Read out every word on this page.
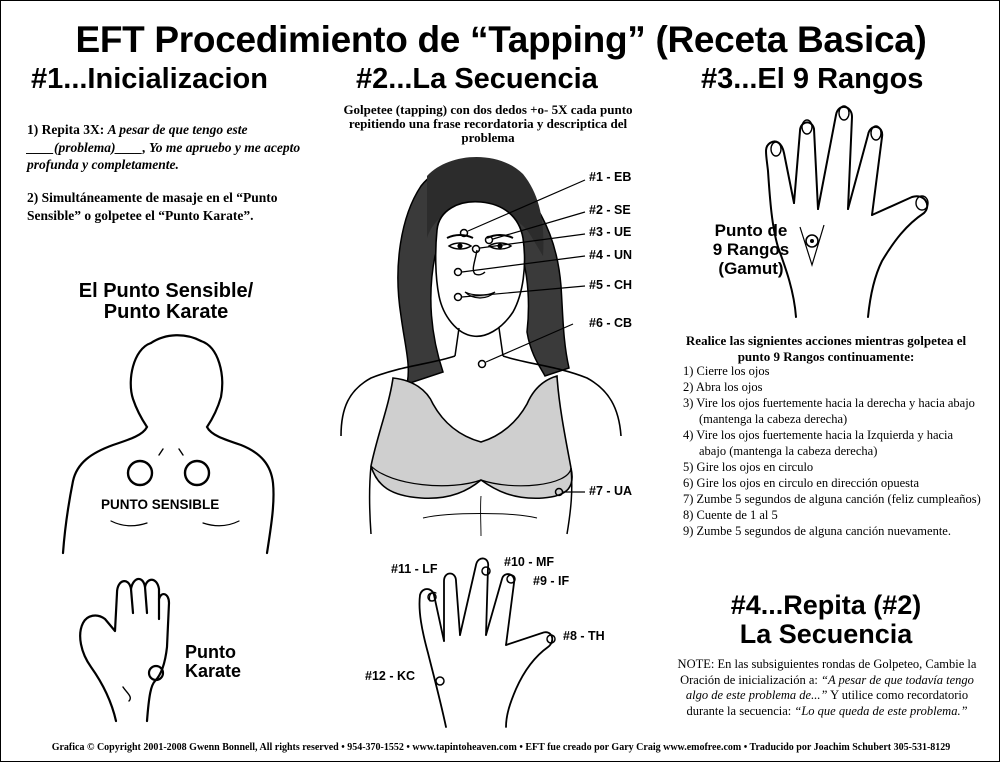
EFT Procedimiento de “Tapping” (Receta Basica)
#1...Inicializacion
1) Repita 3X: A pesar de que tengo este ____(problema)____, Yo me apruebo y me acepto profunda y completamente.
2) Simultáneamente de masaje en el “Punto Sensible” o golpetee el “Punto Karate”.
El Punto Sensible/
Punto Karate
PUNTO SENSIBLE
Punto
Karate
#2...La Secuencia
Golpetee (tapping) con dos dedos +o- 5X cada punto repitiendo una frase recordatoria y descriptica del problema
#1 - EB
#2 - SE
#3 - UE
#4 - UN
#5 - CH
#6 - CB
#7 - UA
#11 - LF	#10 - MF
#9 - IF
#8 - TH
#12 - KC
#3...El 9 Rangos
Punto de
9 Rangos
(Gamut)
Realice las signientes acciones mientras golpetea el punto 9 Rangos continuamente:
1) Cierre los ojos
2) Abra los ojos
3) Vire los ojos fuertemente hacia la derecha y hacia abajo (mantenga la cabeza derecha)
4) Vire los ojos fuertemente hacia la Izquierda y hacia abajo (mantenga la cabeza derecha)
5) Gire los ojos en circulo
6) Gire los ojos en circulo en dirección opuesta
7) Zumbe 5 segundos de alguna canción (feliz cumpleaños)
8) Cuente de 1 al 5
9) Zumbe 5 segundos de alguna canción nuevamente.
#4...Repita (#2)
La Secuencia
NOTE: En las subsiguientes rondas de Golpeteo, Cambie la Oración de inicialización a: “A pesar de que todavía tengo algo de este problema de...” Y utilice como recordatorio durante la secuencia: “Lo que queda de este problema.”
Grafica © Copyright 2001-2008 Gwenn Bonnell, All rights reserved • 954-370-1552 • www.tapintoheaven.com • EFT fue creado por Gary Craig www.emofree.com • Traducido por Joachim Schubert 305-531-8129
